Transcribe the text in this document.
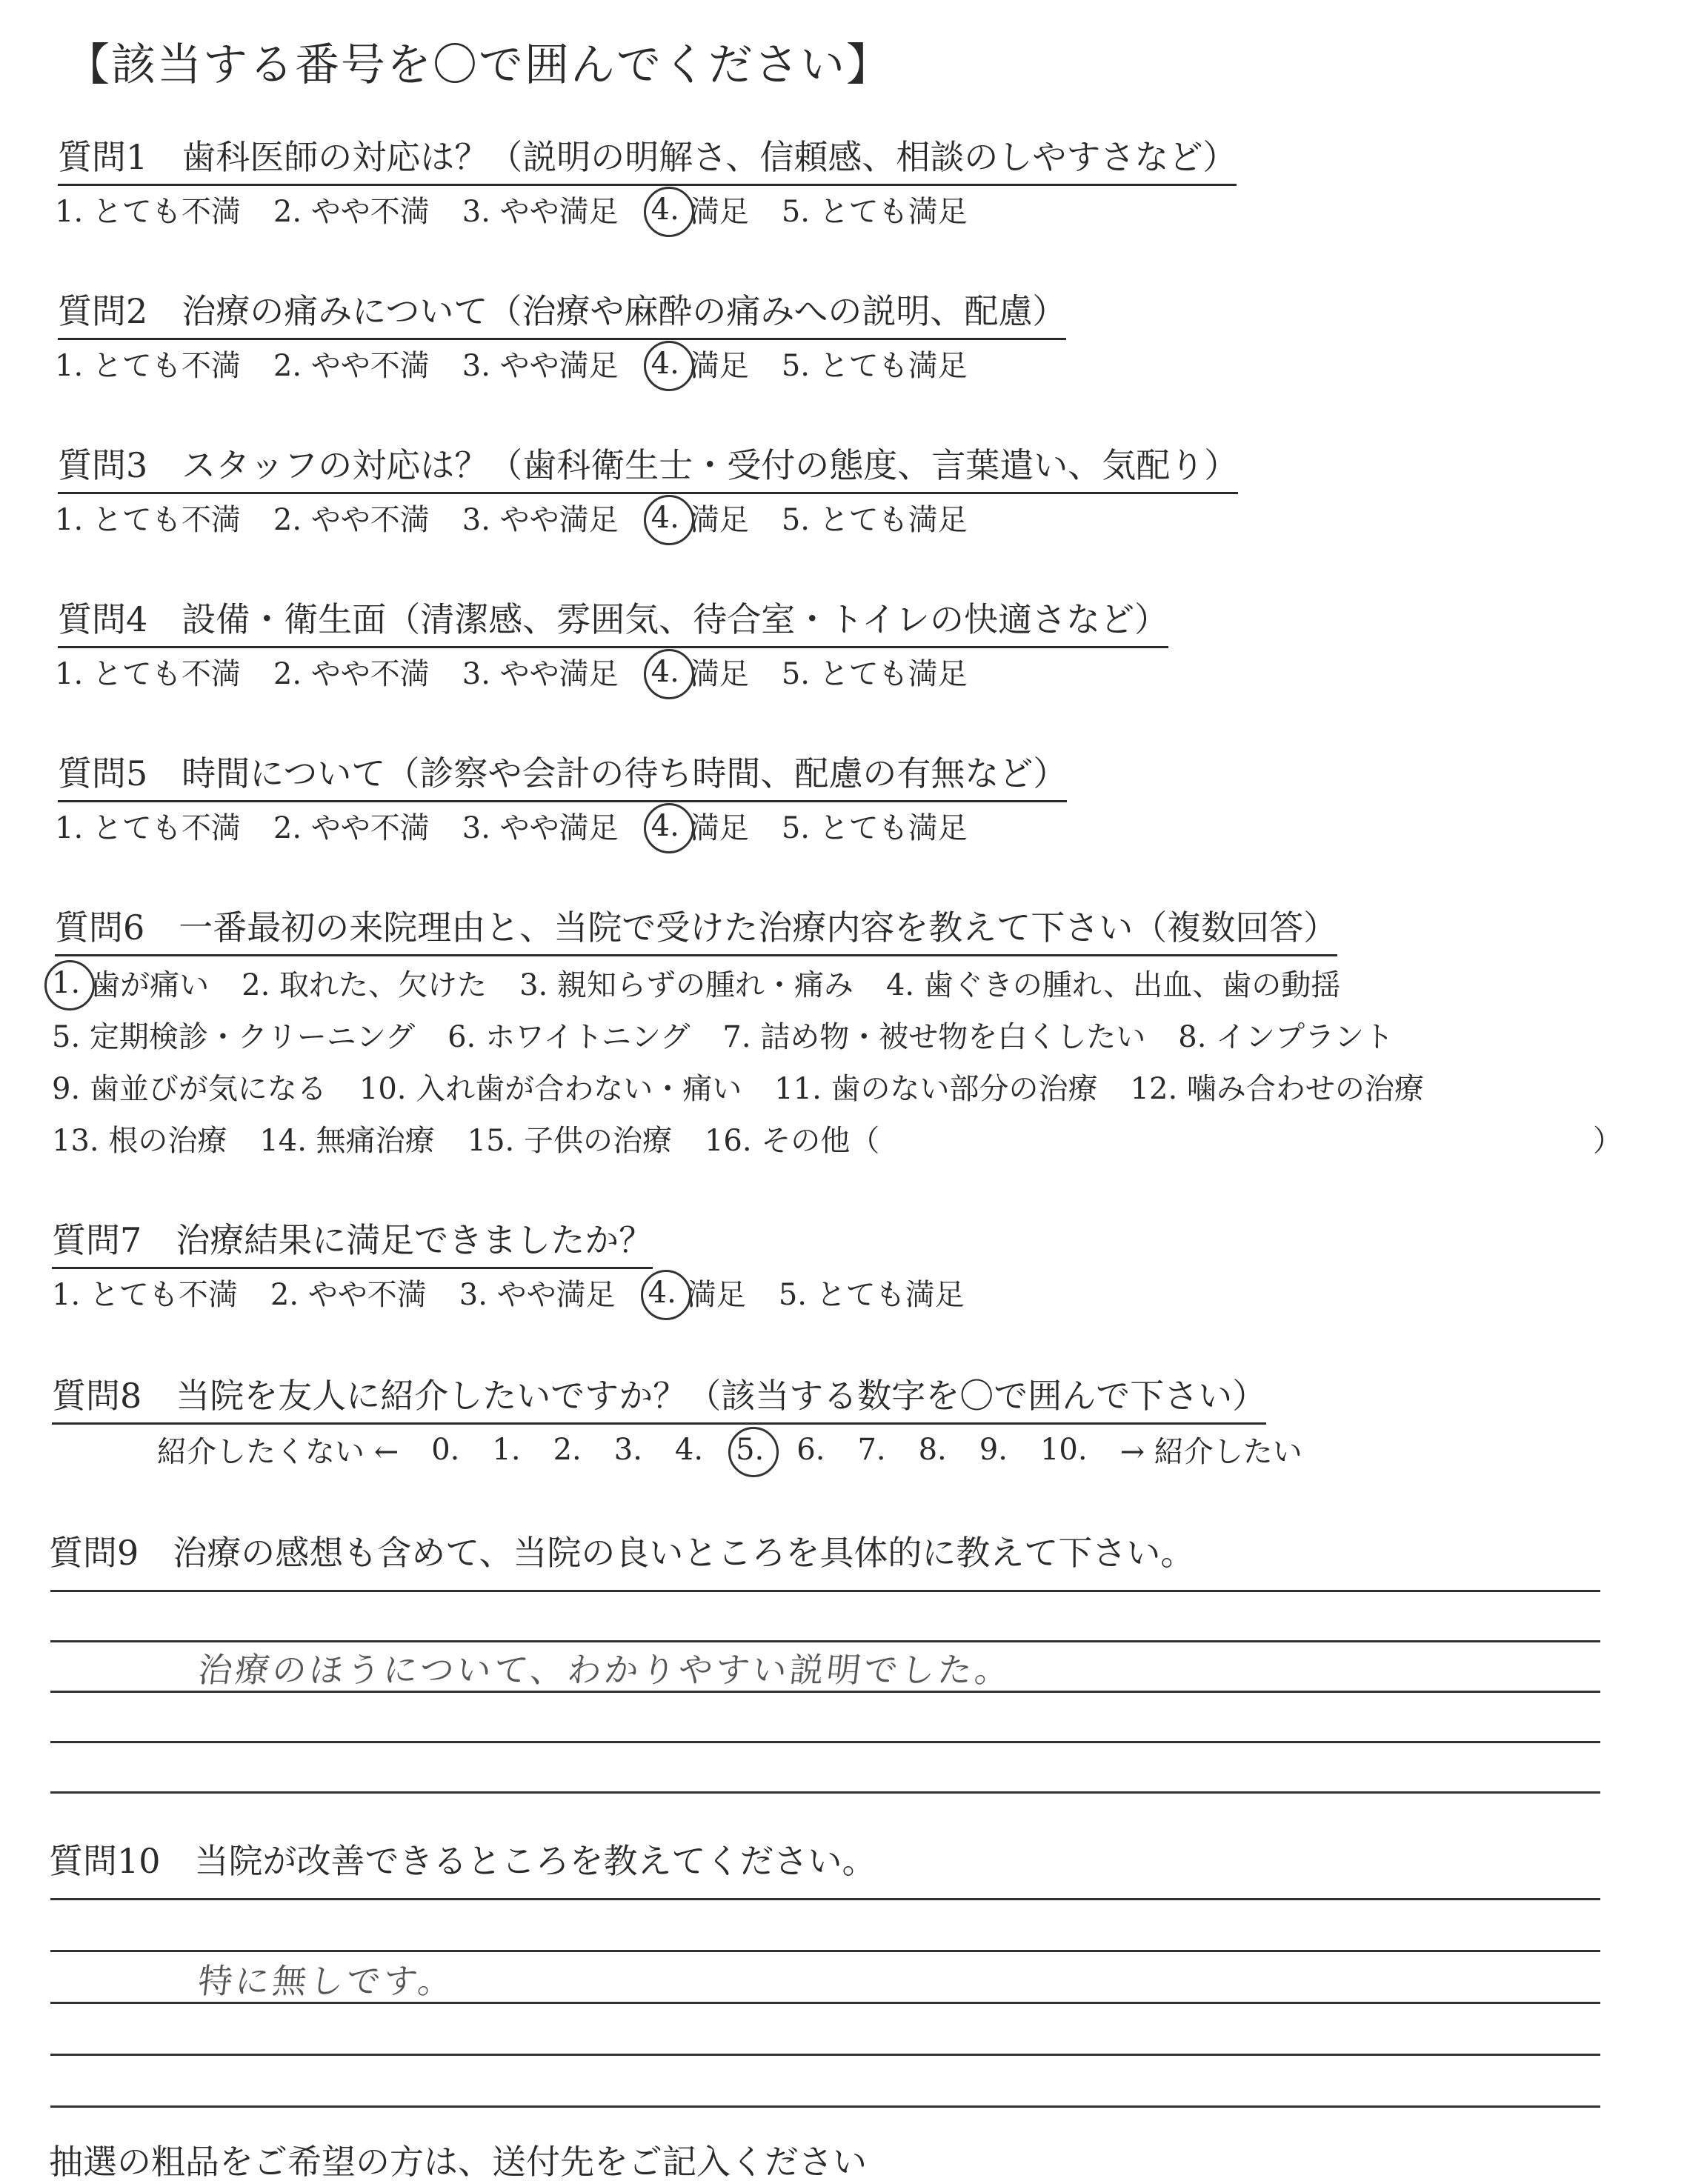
【該当する番号を〇で囲んでください】
質問1　歯科医師の対応は？（説明の明解さ、信頼感、相談のしやすさなど）
1. とても不満 2. やや不満 3. やや満足 4. 満足 5. とても満足
質問2　治療の痛みについて（治療や麻酔の痛みへの説明、配慮）
1. とても不満 2. やや不満 3. やや満足 4. 満足 5. とても満足
質問3　スタッフの対応は？（歯科衛生士・受付の態度、言葉遣い、気配り）
1. とても不満 2. やや不満 3. やや満足 4. 満足 5. とても満足
質問4　設備・衛生面（清潔感、雰囲気、待合室・トイレの快適さなど）
1. とても不満 2. やや不満 3. やや満足 4. 満足 5. とても満足
質問5　時間について（診察や会計の待ち時間、配慮の有無など）
1. とても不満 2. やや不満 3. やや満足 4. 満足 5. とても満足
質問6　一番最初の来院理由と、当院で受けた治療内容を教えて下さい（複数回答）
1. 歯が痛い 2. 取れた、欠けた 3. 親知らずの腫れ・痛み 4. 歯ぐきの腫れ、出血、歯の動揺
5. 定期検診・クリーニング 6. ホワイトニング 7. 詰め物・被せ物を白くしたい 8. インプラント
9. 歯並びが気になる 10. 入れ歯が合わない・痛い 11. 歯のない部分の治療 12. 噛み合わせの治療
13. 根の治療 14. 無痛治療 15. 子供の治療 16. その他（	）
質問7　治療結果に満足できましたか？
1. とても不満 2. やや不満 3. やや満足 4. 満足 5. とても満足
質問8　当院を友人に紹介したいですか？（該当する数字を〇で囲んで下さい）
紹介したくない ← 0. 1. 2. 3. 4. 5. 6. 7. 8. 9. 10. → 紹介したい
質問9　治療の感想も含めて、当院の良いところを具体的に教えて下さい。
治療のほうについて、わかりやすい説明でした。
質問10　当院が改善できるところを教えてください。
特に無しです。
抽選の粗品をご希望の方は、送付先をご記入ください
